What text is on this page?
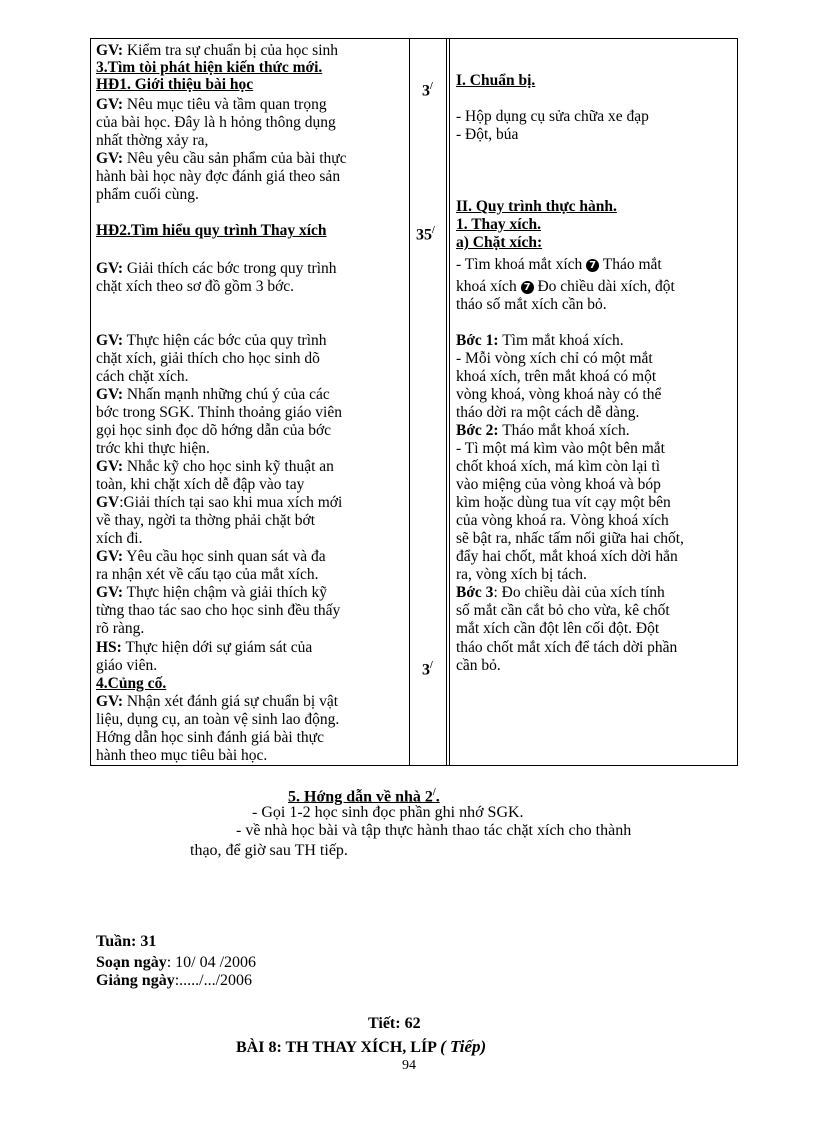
GV: Kiểm tra sự chuẩn bị của học sinh
3.Tìm tòi phát hiện kiến thức mới.
HĐ1. Giới thiệu bài học
GV: Nêu mục tiêu và tầm quan trọng
của bài học. Đây là h hỏng thông dụng
nhất thờng xảy ra,
GV: Nêu yêu cầu sản phẩm của bài thực
hành bài học này đợc đánh giá theo sản
phẩm cuối cùng.
HĐ2.Tìm hiểu quy trình Thay xích
GV: Giải thích các bớc trong quy trình
chặt xích theo sơ đồ gồm 3 bớc.
GV: Thực hiện các bớc của quy trình
chặt xích, giải thích cho học sinh dõ
cách chặt xích.
GV: Nhấn mạnh những chú ý của các
bớc trong SGK. Thỉnh thoảng giáo viên
gọi học sinh đọc dõ hớng dẫn của bớc
trớc khi thực hiện.
GV: Nhắc kỹ cho học sinh kỹ thuật an
toàn, khi chặt xích dễ đập vào tay
GV:Giải thích tại sao khi mua xích mới
về thay, ngời ta thờng phải chặt bớt
xích đi.
GV: Yêu cầu học sinh quan sát và đa
ra nhận xét về cấu tạo của mắt xích.
GV: Thực hiện chậm và giải thích kỹ
từng thao tác sao cho học sinh đều thấy
rõ ràng.
HS: Thực hiện dới sự giám sát của
giáo viên.
4.Củng cố.
GV: Nhận xét đánh giá sự chuẩn bị vật
liệu, dụng cụ, an toàn vệ sinh lao động.
Hớng dẫn học sinh đánh giá bài thực
hành theo mục tiêu bài học.
3/
35/
3/
I. Chuẩn bị.
- Hộp dụng cụ sửa chữa xe đạp
- Đột, búa
II. Quy trình thực hành.
1. Thay xích.
a) Chặt xích:
- Tìm khoá mắt xích 7 Tháo mắt
khoá xích 7 Đo chiều dài xích, đột
tháo số mắt xích cần bỏ.
Bớc 1: Tìm mắt khoá xích.
- Mỗi vòng xích chỉ có một mắt
khoá xích, trên mắt khoá có một
vòng khoá, vòng khoá này có thể
tháo dời ra một cách dễ dàng.
Bớc 2: Tháo mắt khoá xích.
- Tì một má kìm vào một bên mắt
chốt khoá xích, má kìm còn lại tì
vào miệng của vòng khoá và bóp
kìm hoặc dùng tua vít cạy một bên
của vòng khoá ra. Vòng khoá xích
sẽ bật ra, nhấc tấm nối giữa hai chốt,
đẩy hai chốt, mắt khoá xích dời hẳn
ra, vòng xích bị tách.
Bớc 3: Đo chiều dài của xích tính
số mắt cần cắt bỏ cho vừa, kê chốt
mắt xích cần đột lên cối đột. Đột
tháo chốt mắt xích để tách dời phần
cần bỏ.
5. Hớng dẫn về nhà 2/.
- Gọi 1-2 học sinh đọc phần ghi nhớ SGK.
- về nhà học bài và tập thực hành thao tác chặt xích cho thành
thạo, để giờ sau TH tiếp.
Tuần: 31
Soạn ngày: 10/ 04 /2006
Giảng ngày:...../.../2006
Tiết: 62
BÀI 8: TH THAY XÍCH, LÍP ( Tiếp)
94
